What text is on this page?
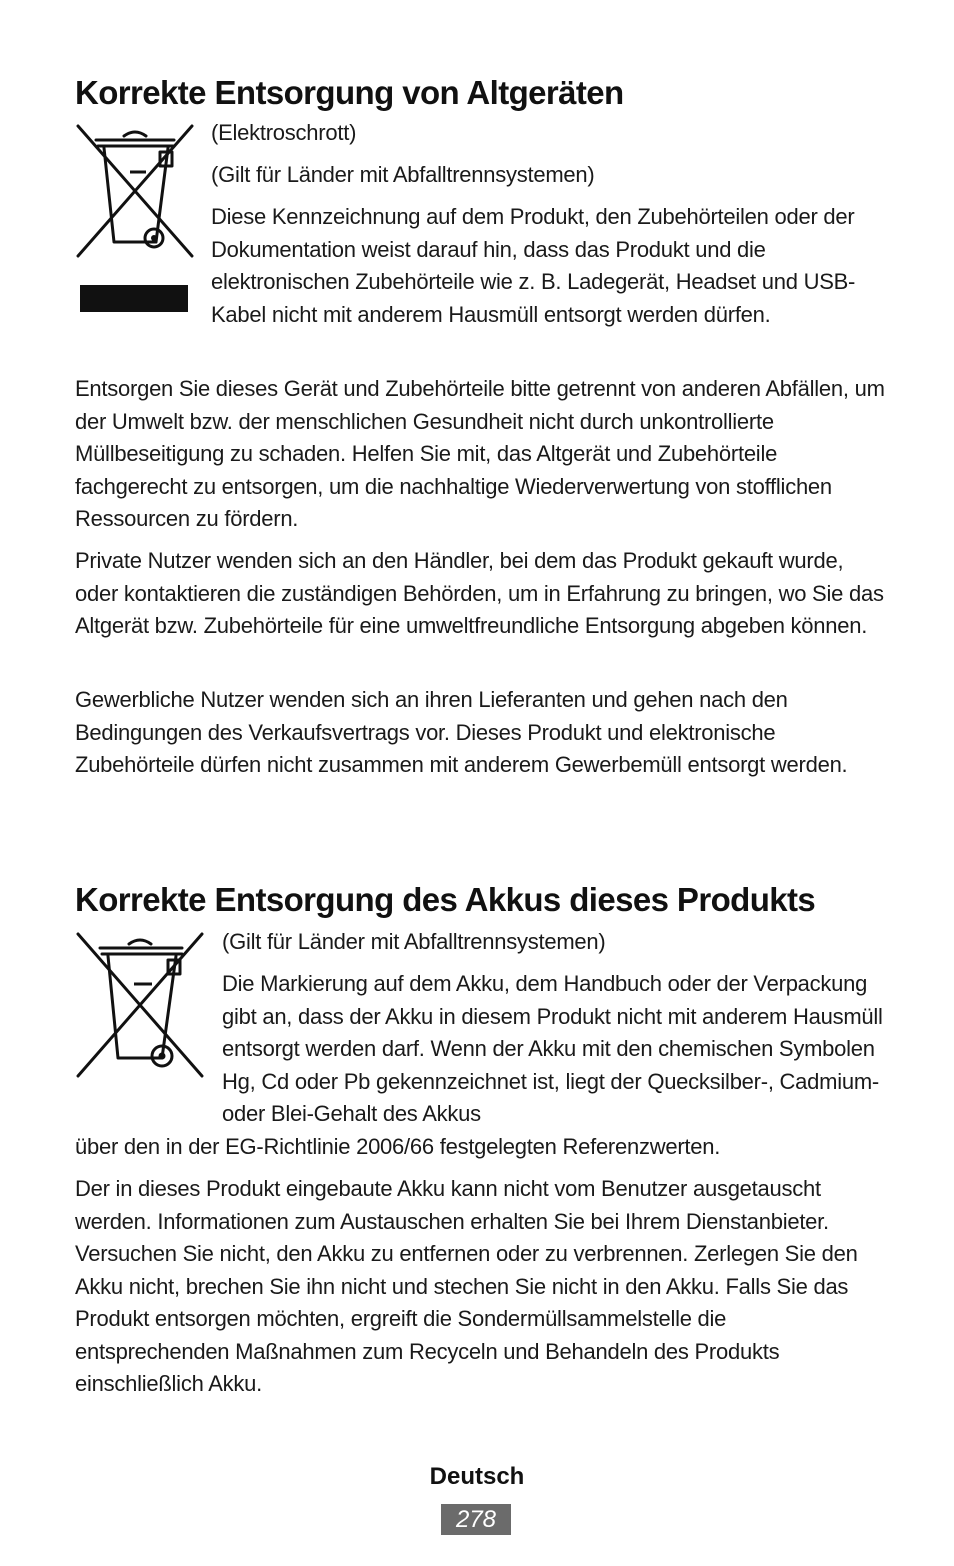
Korrekte Entsorgung von Altgeräten

(Elektroschrott)

(Gilt für Länder mit Abfalltrennsystemen)

Diese Kennzeichnung auf dem Produkt, den Zubehörteilen oder der Dokumentation weist darauf hin, dass das Produkt und die elektronischen Zubehörteile wie z. B. Ladegerät, Headset und USB-Kabel nicht mit anderem Hausmüll entsorgt werden dürfen.

Entsorgen Sie dieses Gerät und Zubehörteile bitte getrennt von anderen Abfällen, um der Umwelt bzw. der menschlichen Gesundheit nicht durch unkontrollierte Müllbeseitigung zu schaden. Helfen Sie mit, das Altgerät und Zubehörteile fachgerecht zu entsorgen, um die nachhaltige Wiederverwertung von stofflichen Ressourcen zu fördern.

Private Nutzer wenden sich an den Händler, bei dem das Produkt gekauft wurde, oder kontaktieren die zuständigen Behörden, um in Erfahrung zu bringen, wo Sie das Altgerät bzw. Zubehörteile für eine umweltfreundliche Entsorgung abgeben können.

Gewerbliche Nutzer wenden sich an ihren Lieferanten und gehen nach den Bedingungen des Verkaufsvertrags vor. Dieses Produkt und elektronische Zubehörteile dürfen nicht zusammen mit anderem Gewerbemüll entsorgt werden.

Korrekte Entsorgung des Akkus dieses Produkts

(Gilt für Länder mit Abfalltrennsystemen)

Die Markierung auf dem Akku, dem Handbuch oder der Verpackung gibt an, dass der Akku in diesem Produkt nicht mit anderem Hausmüll entsorgt werden darf. Wenn der Akku mit den chemischen Symbolen Hg, Cd oder Pb gekennzeichnet ist, liegt der Quecksilber-, Cadmium- oder Blei-Gehalt des Akkus

über den in der EG-Richtlinie 2006/66 festgelegten Referenzwerten.

Der in dieses Produkt eingebaute Akku kann nicht vom Benutzer ausgetauscht werden. Informationen zum Austauschen erhalten Sie bei Ihrem Dienstanbieter. Versuchen Sie nicht, den Akku zu entfernen oder zu verbrennen. Zerlegen Sie den Akku nicht, brechen Sie ihn nicht und stechen Sie nicht in den Akku. Falls Sie das Produkt entsorgen möchten, ergreift die Sondermüllsammelstelle die entsprechenden Maßnahmen zum Recyceln und Behandeln des Produkts einschließlich Akku.

Deutsch
278
